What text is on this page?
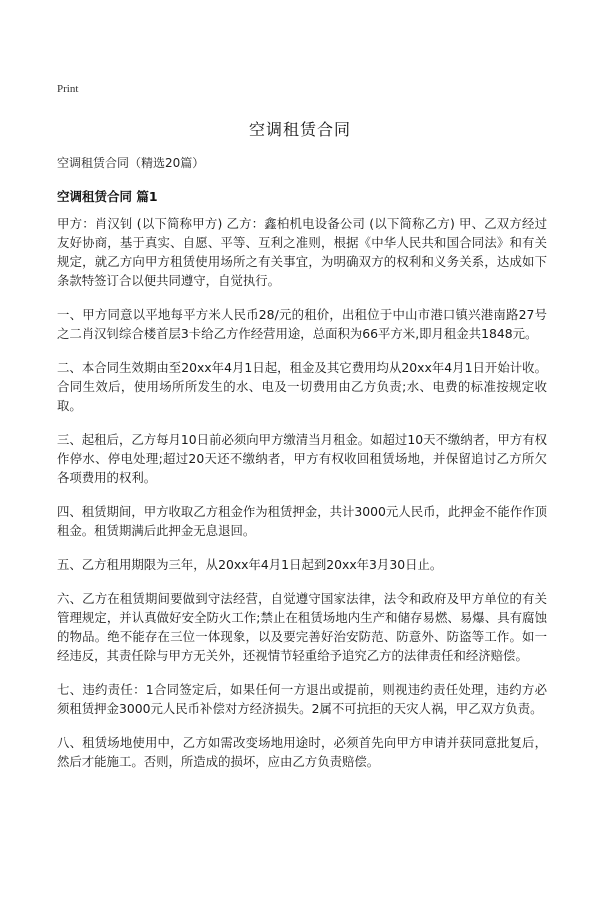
Print
空调租赁合同
空调租赁合同（精选20篇）
空调租赁合同 篇1

甲方：肖汉钊 (以下简称甲方) 乙方：鑫柏机电设备公司 (以下简称乙方) 甲、乙双方经过友好协商，基于真实、自愿、平等、互利之准则，根据《中华人民共和国合同法》和有关规定，就乙方向甲方租赁使用场所之有关事宜，为明确双方的权利和义务关系，达成如下条款特签订合以便共同遵守，自觉执行。

一、甲方同意以平地每平方米人民币28/元的租价，出租位于中山市港口镇兴港南路27号之二肖汉钊综合楼首层3卡给乙方作经营用途，总面积为66平方米,即月租金共1848元。

二、本合同生效期由至20xx年4月1日起，租金及其它费用均从20xx年4月1日开始计收。合同生效后，使用场所所发生的水、电及一切费用由乙方负责;水、电费的标准按规定收取。

三、起租后，乙方每月10日前必须向甲方缴清当月租金。如超过10天不缴纳者，甲方有权作停水、停电处理;超过20天还不缴纳者，甲方有权收回租赁场地，并保留追讨乙方所欠各项费用的权利。

四、租赁期间，甲方收取乙方租金作为租赁押金，共计3000元人民币，此押金不能作作顶租金。租赁期满后此押金无息退回。

五、乙方租用期限为三年，从20xx年4月1日起到20xx年3月30日止。

六、乙方在租赁期间要做到守法经营，自觉遵守国家法律，法令和政府及甲方单位的有关管理规定，并认真做好安全防火工作;禁止在租赁场地内生产和储存易燃、易爆、具有腐蚀的物品。绝不能存在三位一体现象，以及要完善好治安防范、防意外、防盗等工作。如一经违反，其责任除与甲方无关外，还视情节轻重给予追究乙方的法律责任和经济赔偿。

七、违约责任：1合同签定后，如果任何一方退出或提前，则视违约责任处理，违约方必须租赁押金3000元人民币补偿对方经济损失。2属不可抗拒的天灾人祸，甲乙双方负责。

八、租赁场地使用中，乙方如需改变场地用途时，必须首先向甲方申请并获同意批复后，然后才能施工。否则，所造成的损坏，应由乙方负责赔偿。
